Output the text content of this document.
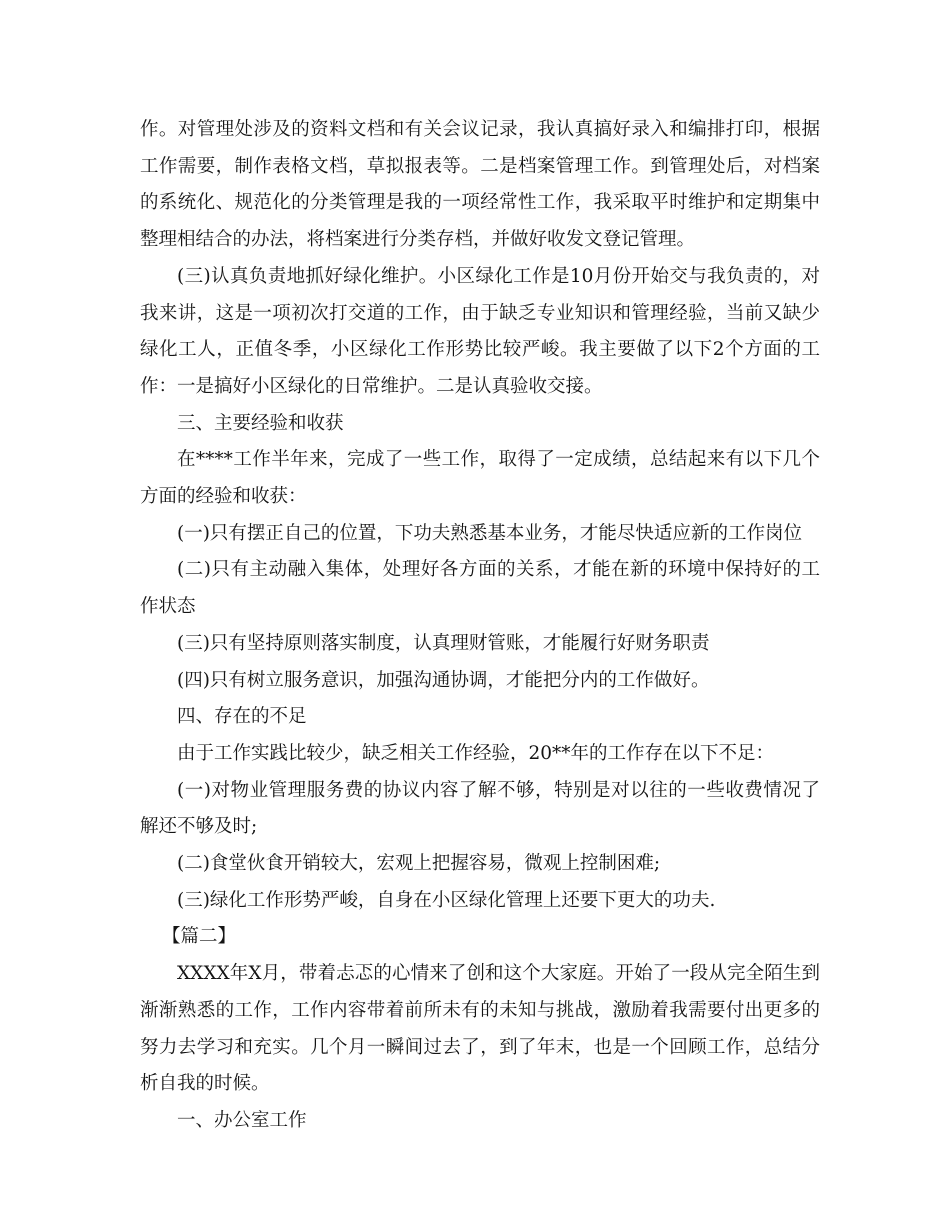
作。对管理处涉及的资料文档和有关会议记录，我认真搞好录入和编排打印，根据工作需要，制作表格文档，草拟报表等。二是档案管理工作。到管理处后，对档案的系统化、规范化的分类管理是我的一项经常性工作，我采取平时维护和定期集中整理相结合的办法，将档案进行分类存档，并做好收发文登记管理。

(三)认真负责地抓好绿化维护。小区绿化工作是10月份开始交与我负责的，对我来讲，这是一项初次打交道的工作，由于缺乏专业知识和管理经验，当前又缺少绿化工人，正值冬季，小区绿化工作形势比较严峻。我主要做了以下2个方面的工作：一是搞好小区绿化的日常维护。二是认真验收交接。

三、主要经验和收获

在****工作半年来，完成了一些工作，取得了一定成绩，总结起来有以下几个方面的经验和收获：

(一)只有摆正自己的位置，下功夫熟悉基本业务，才能尽快适应新的工作岗位

(二)只有主动融入集体，处理好各方面的关系，才能在新的环境中保持好的工作状态

(三)只有坚持原则落实制度，认真理财管账，才能履行好财务职责

(四)只有树立服务意识，加强沟通协调，才能把分内的工作做好。

四、存在的不足

由于工作实践比较少，缺乏相关工作经验，20**年的工作存在以下不足：

(一)对物业管理服务费的协议内容了解不够，特别是对以往的一些收费情况了解还不够及时;

(二)食堂伙食开销较大，宏观上把握容易，微观上控制困难;

(三)绿化工作形势严峻，自身在小区绿化管理上还要下更大的功夫.

【篇二】

XXXX年X月，带着忐忑的心情来了创和这个大家庭。开始了一段从完全陌生到渐渐熟悉的工作，工作内容带着前所未有的未知与挑战，激励着我需要付出更多的努力去学习和充实。几个月一瞬间过去了，到了年末，也是一个回顾工作，总结分析自我的时候。

一、办公室工作
